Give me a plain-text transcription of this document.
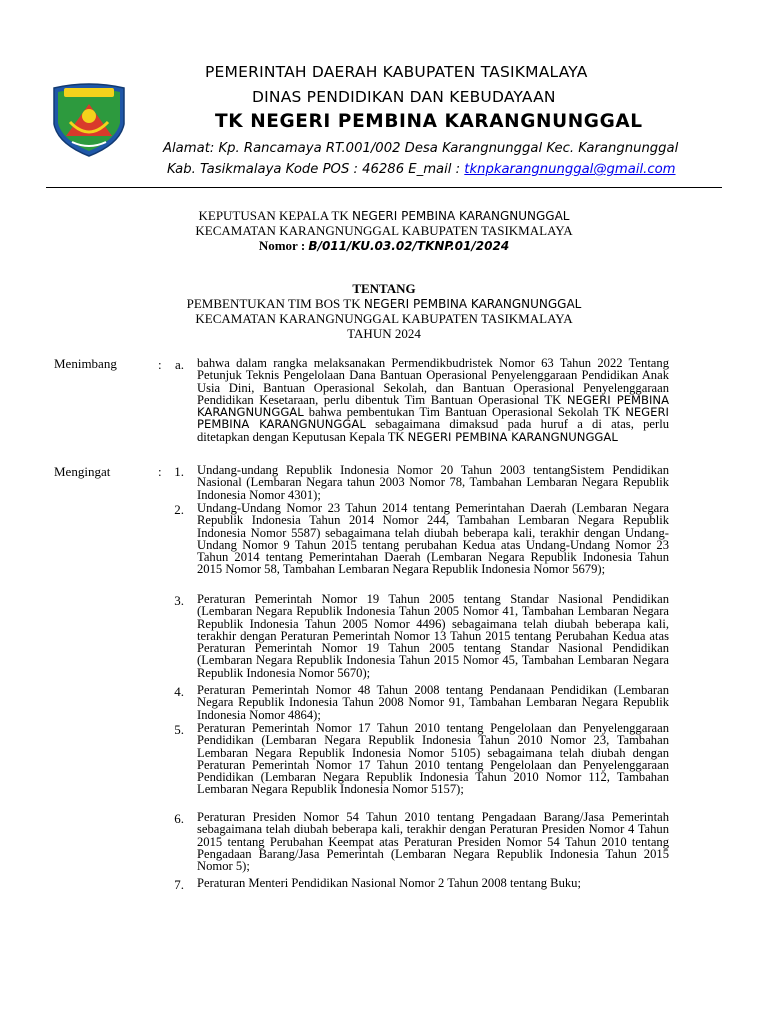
PEMERINTAH DAERAH KABUPATEN TASIKMALAYA
DINAS PENDIDIKAN DAN KEBUDAYAAN
TK NEGERI PEMBINA KARANGNUNGGAL
Alamat: Kp. Rancamaya RT.001/002 Desa Karangnunggal Kec. Karangnunggal
Kab. Tasikmalaya Kode POS : 46286 E_mail : tknpkarangnunggal@gmail.com
KEPUTUSAN KEPALA TK NEGERI PEMBINA KARANGNUNGGAL
KECAMATAN KARANGNUNGGAL KABUPATEN TASIKMALAYA
Nomor : B/011/KU.03.02/TKNP.01/2024
TENTANG
PEMBENTUKAN TIM BOS TK NEGERI PEMBINA KARANGNUNGGAL
KECAMATAN KARANGNUNGGAL KABUPATEN TASIKMALAYA
TAHUN 2024
Menimbang	:	a. bahwa dalam rangka melaksanakan Permendikbudristek Nomor 63 Tahun 2022 Tentang Petunjuk Teknis Pengelolaan Dana Bantuan Operasional Penyelenggaraan Pendidikan Anak Usia Dini, Bantuan Operasional Sekolah, dan Bantuan Operasional Penyelenggaraan Pendidikan Kesetaraan, perlu dibentuk Tim Bantuan Operasional TK NEGERI PEMBINA KARANGNUNGGAL bahwa pembentukan Tim Bantuan Operasional Sekolah TK NEGERI PEMBINA KARANGNUNGGAL sebagaimana dimaksud pada huruf a di atas, perlu ditetapkan dengan Keputusan Kepala TK NEGERI PEMBINA KARANGNUNGGAL
Mengingat	: 1. Undang-undang Republik Indonesia Nomor 20 Tahun 2003 tentangSistem Pendidikan Nasional (Lembaran Negara tahun 2003 Nomor 78, Tambahan Lembaran Negara Republik Indonesia Nomor 4301);
2. Undang-Undang Nomor 23 Tahun 2014 tentang Pemerintahan Daerah (Lembaran Negara Republik Indonesia Tahun 2014 Nomor 244, Tambahan Lembaran Negara Republik Indonesia Nomor 5587) sebagaimana telah diubah beberapa kali, terakhir dengan Undang-Undang Nomor 9 Tahun 2015 tentang perubahan Kedua atas Undang-Undang Nomor 23 Tahun 2014 tentang Pemerintahan Daerah (Lembaran Negara Republik Indonesia Tahun 2015 Nomor 58, Tambahan Lembaran Negara Republik Indonesia Nomor 5679);
3. Peraturan Pemerintah Nomor 19 Tahun 2005 tentang Standar Nasional Pendidikan (Lembaran Negara Republik Indonesia Tahun 2005 Nomor 41, Tambahan Lembaran Negara Republik Indonesia Tahun 2005 Nomor 4496) sebagaimana telah diubah beberapa kali, terakhir dengan Peraturan Pemerintah Nomor 13 Tahun 2015 tentang Perubahan Kedua atas Peraturan Pemerintah Nomor 19 Tahun 2005 tentang Standar Nasional Pendidikan (Lembaran Negara Republik Indonesia Tahun 2015 Nomor 45, Tambahan Lembaran Negara Republik Indonesia Nomor 5670);
4. Peraturan Pemerintah Nomor 48 Tahun 2008 tentang Pendanaan Pendidikan (Lembaran Negara Republik Indonesia Tahun 2008 Nomor 91, Tambahan Lembaran Negara Republik Indonesia Nomor 4864);
5. Peraturan Pemerintah Nomor 17 Tahun 2010 tentang Pengelolaan dan Penyelenggaraan Pendidikan (Lembaran Negara Republik Indonesia Tahun 2010 Nomor 23, Tambahan Lembaran Negara Republik Indonesia Nomor 5105) sebagaimana telah diubah dengan Peraturan Pemerintah Nomor 17 Tahun 2010 tentang Pengelolaan dan Penyelenggaraan Pendidikan (Lembaran Negara Republik Indonesia Tahun 2010 Nomor 112, Tambahan Lembaran Negara Republik Indonesia Nomor 5157);
6. Peraturan Presiden Nomor 54 Tahun 2010 tentang Pengadaan Barang/Jasa Pemerintah sebagaimana telah diubah beberapa kali, terakhir dengan Peraturan Presiden Nomor 4 Tahun 2015 tentang Perubahan Keempat atas Peraturan Presiden Nomor 54 Tahun 2010 tentang Pengadaan Barang/Jasa Pemerintah (Lembaran Negara Republik Indonesia Tahun 2015 Nomor 5);
7. Peraturan Menteri Pendidikan Nasional Nomor 2 Tahun 2008 tentang Buku;
